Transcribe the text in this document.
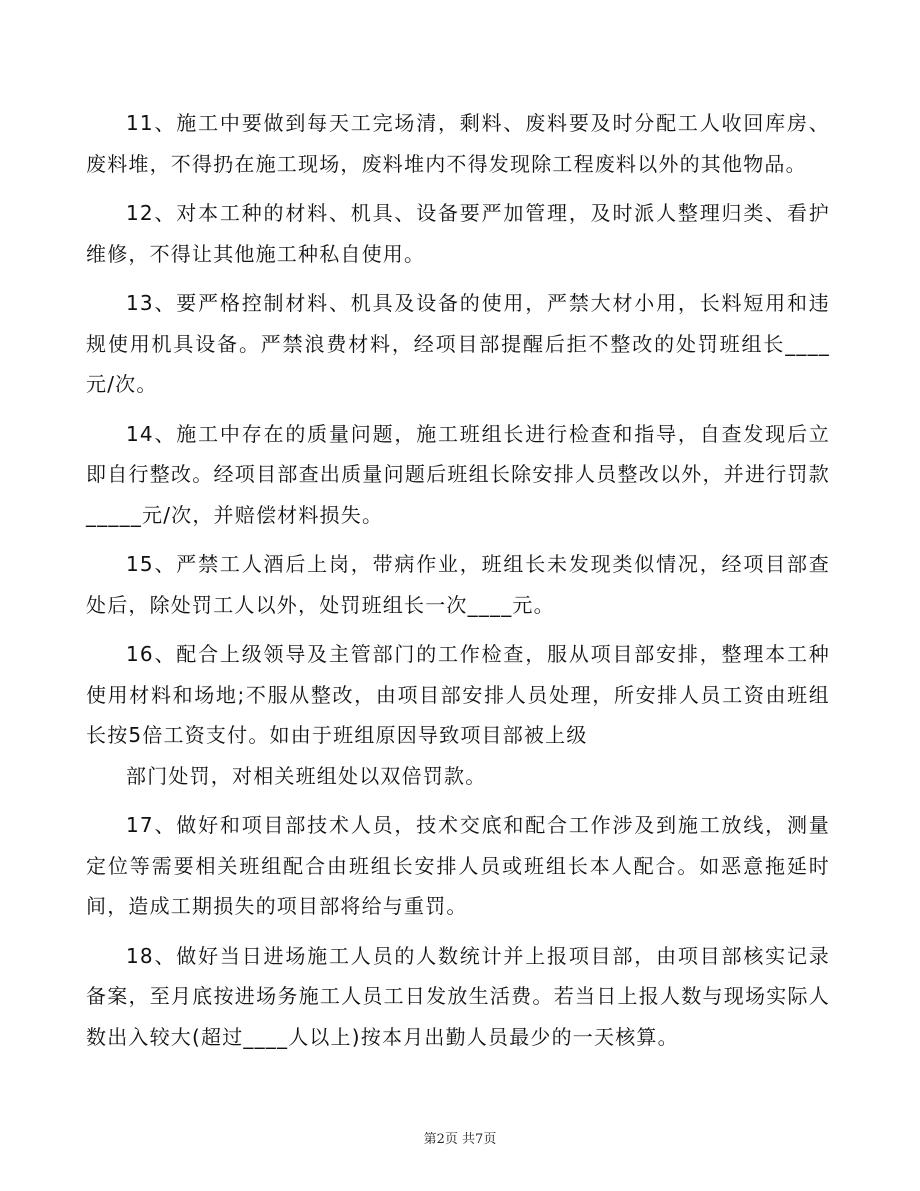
11、施工中要做到每天工完场清，剩料、废料要及时分配工人收回库房、废料堆，不得扔在施工现场，废料堆内不得发现除工程废料以外的其他物品。

12、对本工种的材料、机具、设备要严加管理，及时派人整理归类、看护维修，不得让其他施工种私自使用。

13、要严格控制材料、机具及设备的使用，严禁大材小用，长料短用和违规使用机具设备。严禁浪费材料，经项目部提醒后拒不整改的处罚班组长____元/次。

14、施工中存在的质量问题，施工班组长进行检查和指导，自查发现后立即自行整改。经项目部查出质量问题后班组长除安排人员整改以外，并进行罚款_____元/次，并赔偿材料损失。

15、严禁工人酒后上岗，带病作业，班组长未发现类似情况，经项目部查处后，除处罚工人以外，处罚班组长一次____元。

16、配合上级领导及主管部门的工作检查，服从项目部安排，整理本工种使用材料和场地;不服从整改，由项目部安排人员处理，所安排人员工资由班组长按5倍工资支付。如由于班组原因导致项目部被上级

部门处罚，对相关班组处以双倍罚款。

17、做好和项目部技术人员，技术交底和配合工作涉及到施工放线，测量定位等需要相关班组配合由班组长安排人员或班组长本人配合。如恶意拖延时间，造成工期损失的项目部将给与重罚。

18、做好当日进场施工人员的人数统计并上报项目部，由项目部核实记录备案，至月底按进场务施工人员工日发放生活费。若当日上报人数与现场实际人数出入较大(超过____人以上)按本月出勤人员最少的一天核算。

第2页 共7页
